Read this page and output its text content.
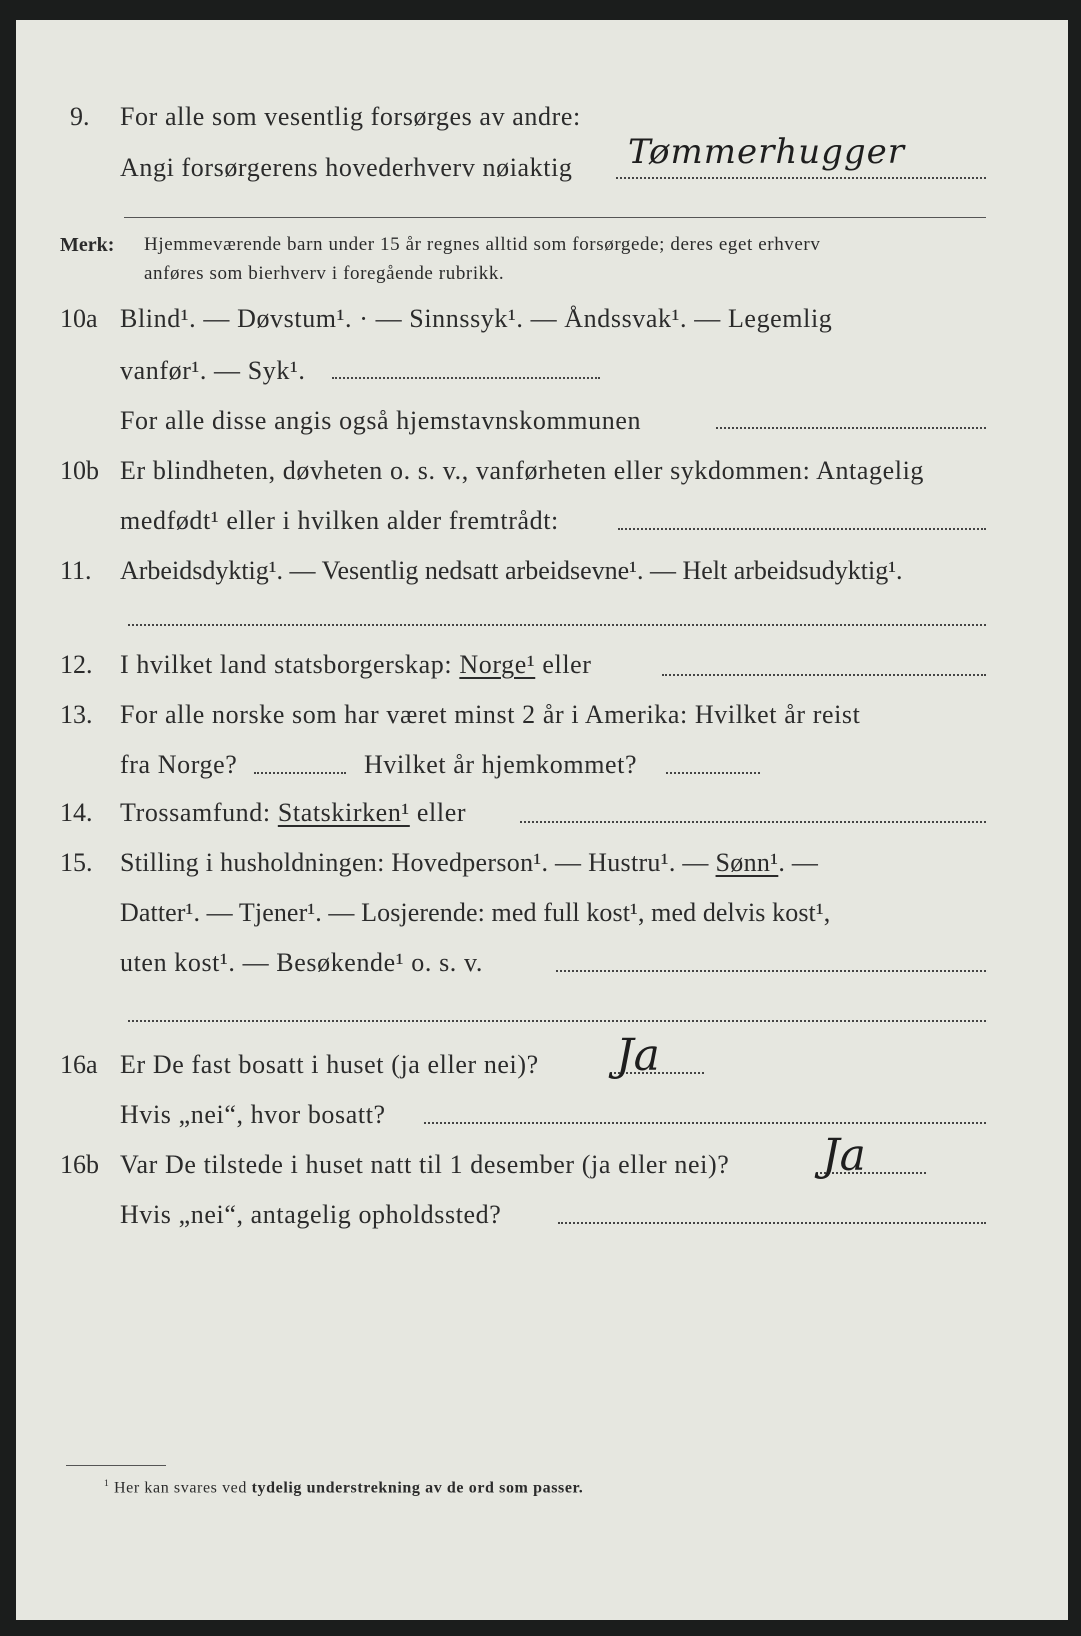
9. For alle som vesentlig forsørges av andre:
Angi forsørgerens hovederhverv nøiaktig Tømmerhugger
Merk: Hjemmeværende barn under 15 år regnes alltid som forsørgede; deres eget erhverv
anføres som bierhverv i foregående rubrikk.
10a Blind¹. — Døvstum¹. · — Sinnssyk¹. — Åndssvak¹. — Legemlig
vanfør¹. — Syk¹.
For alle disse angis også hjemstavnskommunen
10b Er blindheten, døvheten o. s. v., vanførheten eller sykdommen: Antagelig
medfødt¹ eller i hvilken alder fremtrådt:
11. Arbeidsdyktig¹. — Vesentlig nedsatt arbeidsevne¹. — Helt arbeidsudyktig¹.
12. I hvilket land statsborgerskap: Norge¹ eller
13. For alle norske som har været minst 2 år i Amerika: Hvilket år reist
fra Norge?	Hvilket år hjemkommet?
14. Trossamfund: Statskirken¹ eller
15. Stilling i husholdningen: Hovedperson¹. — Hustru¹. — Sønn¹. —
Datter¹. — Tjener¹. — Losjerende: med full kost¹, med delvis kost¹,
uten kost¹. — Besøkende¹ o. s. v.
16a Er De fast bosatt i huset (ja eller nei)? Ja
Hvis „nei“, hvor bosatt?
16b Var De tilstede i huset natt til 1 desember (ja eller nei)? Ja
Hvis „nei“, antagelig opholdssted?
$^1$ Her kan svares ved tydelig understrekning av de ord som passer.
